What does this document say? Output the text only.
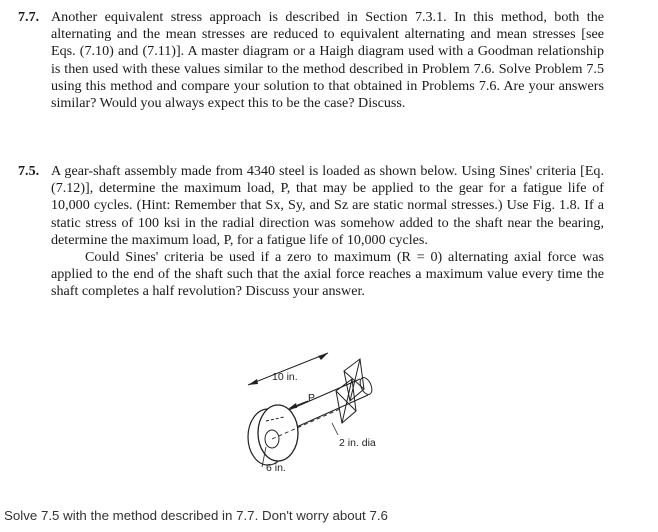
7.7. Another equivalent stress approach is described in Section 7.3.1. In this method, both the alternating and the mean stresses are reduced to equivalent alternating and mean stresses [see Eqs. (7.10) and (7.11)]. A master diagram or a Haigh diagram used with a Goodman relationship is then used with these values similar to the method described in Problem 7.6. Solve Problem 7.5 using this method and compare your solution to that obtained in Problems 7.6. Are your answers similar? Would you always expect this to be the case? Discuss.
7.5. A gear-shaft assembly made from 4340 steel is loaded as shown below. Using Sines' criteria [Eq. (7.12)], determine the maximum load, P, that may be applied to the gear for a fatigue life of 10,000 cycles. (Hint: Remember that Sx, Sy, and Sz are static normal stresses.) Use Fig. 1.8. If a static stress of 100 ksi in the radial direction was somehow added to the shaft near the bearing, determine the maximum load, P, for a fatigue life of 10,000 cycles.

Could Sines' criteria be used if a zero to maximum (R = 0) alternating axial force was applied to the end of the shaft such that the axial force reaches a maximum value every time the shaft completes a half revolution? Discuss your answer.

10 in.
P
2 in. dia
6 in.
Solve 7.5 with the method described in 7.7. Don't worry about 7.6
